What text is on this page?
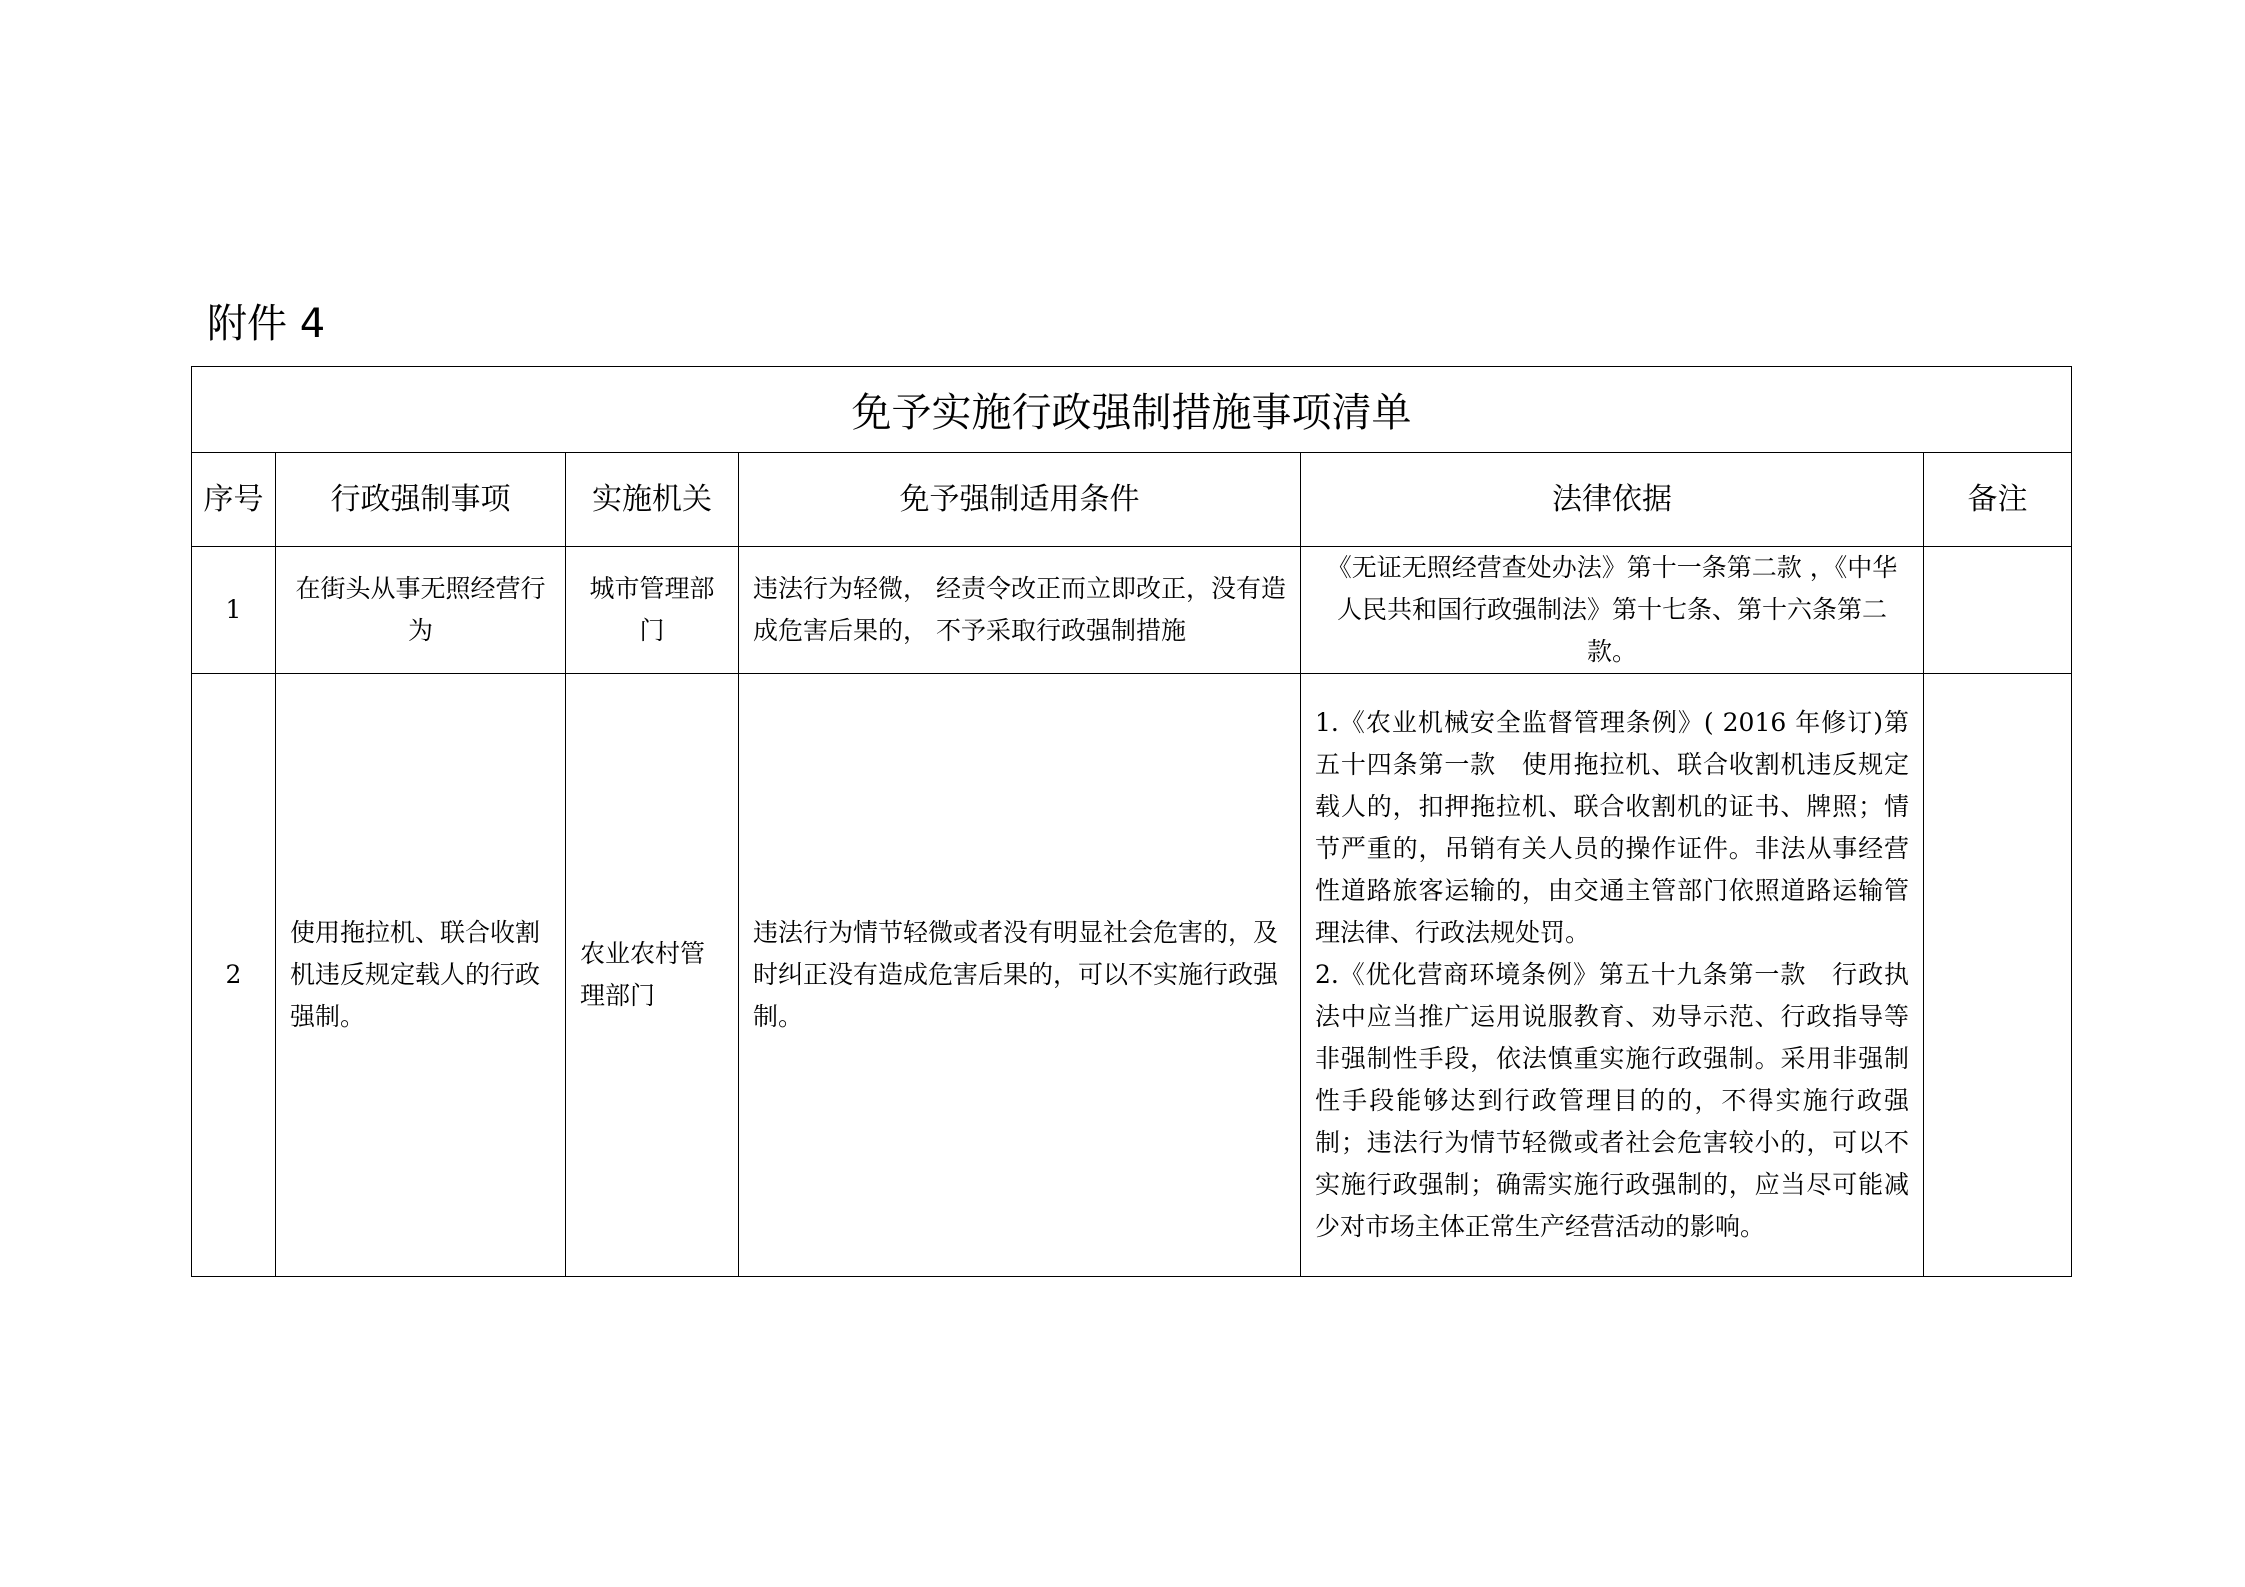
附件 4
免予实施行政强制措施事项清单					
序号	行政强制事项	实施机关	免予强制适用条件	法律依据	备注
1	在街头从事无照经营行为	城市管理部门	违法行为轻微， 经责令改正而立即改正，没有造成危害后果的， 不予采取行政强制措施	《无证无照经营查处办法》第十一条第二款 ，《中华人民共和国行政强制法》第十七条、第十六条第二款。	
2	使用拖拉机、联合收割机违反规定载人的行政强制。	农业农村管理部门	违法行为情节轻微或者没有明显社会危害的，及时纠正没有造成危害后果的，可以不实施行政强制。	1.《农业机械安全监督管理条例》( 2016 年修订)第五十四条第一款　使用拖拉机、联合收割机违反规定载人的，扣押拖拉机、联合收割机的证书、牌照；情节严重的，吊销有关人员的操作证件。非法从事经营性道路旅客运输的，由交通主管部门依照道路运输管理法律、行政法规处罚。
2.《优化营商环境条例》第五十九条第一款　行政执法中应当推广运用说服教育、劝导示范、行政指导等非强制性手段，依法慎重实施行政强制。采用非强制性手段能够达到行政管理目的的，不得实施行政强制；违法行为情节轻微或者社会危害较小的，可以不实施行政强制；确需实施行政强制的，应当尽可能减少对市场主体正常生产经营活动的影响。	
